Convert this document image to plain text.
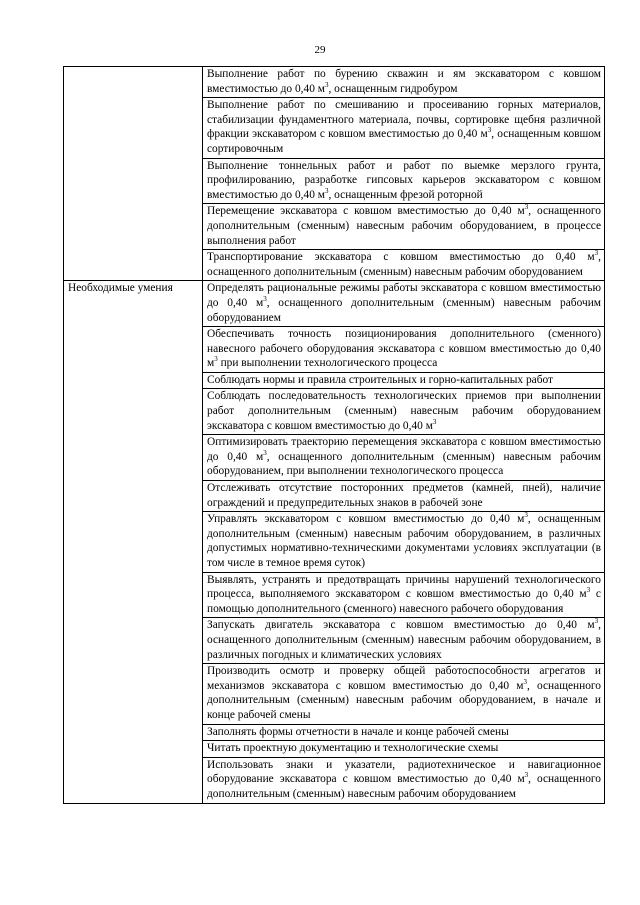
29
	Выполнение работ по бурению скважин и ям экскаватором с ковшом вместимостью до 0,40 $м^3$, оснащенным гидробуром
	Выполнение работ по смешиванию и просеиванию горных материалов, стабилизации фундаментного материала, почвы, сортировке щебня различной фракции экскаватором с ковшом вместимостью до 0,40 $м^3$, оснащенным ковшом сортировочным
	Выполнение тоннельных работ и работ по выемке мерзлого грунта, профилированию, разработке гипсовых карьеров экскаватором с ковшом вместимостью до 0,40 $м^3$, оснащенным фрезой роторной
	Перемещение экскаватора с ковшом вместимостью до 0,40 $м^3$, оснащенного дополнительным (сменным) навесным рабочим оборудованием, в процессе выполнения работ
	Транспортирование экскаватора с ковшом вместимостью до 0,40 $м^3$, оснащенного дополнительным (сменным) навесным рабочим оборудованием
Необходимые умения	Определять рациональные режимы работы экскаватора с ковшом вместимостью до 0,40 $м^3$, оснащенного дополнительным (сменным) навесным рабочим оборудованием
	Обеспечивать точность позиционирования дополнительного (сменного) навесного рабочего оборудования экскаватора с ковшом вместимостью до 0,40 $м^3$ при выполнении технологического процесса
	Соблюдать нормы и правила строительных и горно-капитальных работ
	Соблюдать последовательность технологических приемов при выполнении работ дополнительным (сменным) навесным рабочим оборудованием экскаватора с ковшом вместимостью до 0,40 $м^3$
	Оптимизировать траекторию перемещения экскаватора с ковшом вместимостью до 0,40 $м^3$, оснащенного дополнительным (сменным) навесным рабочим оборудованием, при выполнении технологического процесса
	Отслеживать отсутствие посторонних предметов (камней, пней), наличие ограждений и предупредительных знаков в рабочей зоне
	Управлять экскаватором с ковшом вместимостью до 0,40 $м^3$, оснащенным дополнительным (сменным) навесным рабочим оборудованием, в различных допустимых нормативно-техническими документами условиях эксплуатации (в том числе в темное время суток)
	Выявлять, устранять и предотвращать причины нарушений технологического процесса, выполняемого экскаватором с ковшом вместимостью до 0,40 $м^3$ с помощью дополнительного (сменного) навесного рабочего оборудования
	Запускать двигатель экскаватора с ковшом вместимостью до 0,40 $м^3$, оснащенного дополнительным (сменным) навесным рабочим оборудованием, в различных погодных и климатических условиях
	Производить осмотр и проверку общей работоспособности агрегатов и механизмов экскаватора с ковшом вместимостью до 0,40 $м^3$, оснащенного дополнительным (сменным) навесным рабочим оборудованием, в начале и конце рабочей смены
	Заполнять формы отчетности в начале и конце рабочей смены
	Читать проектную документацию и технологические схемы
	Использовать знаки и указатели, радиотехническое и навигационное оборудование экскаватора с ковшом вместимостью до 0,40 $м^3$, оснащенного дополнительным (сменным) навесным рабочим оборудованием
